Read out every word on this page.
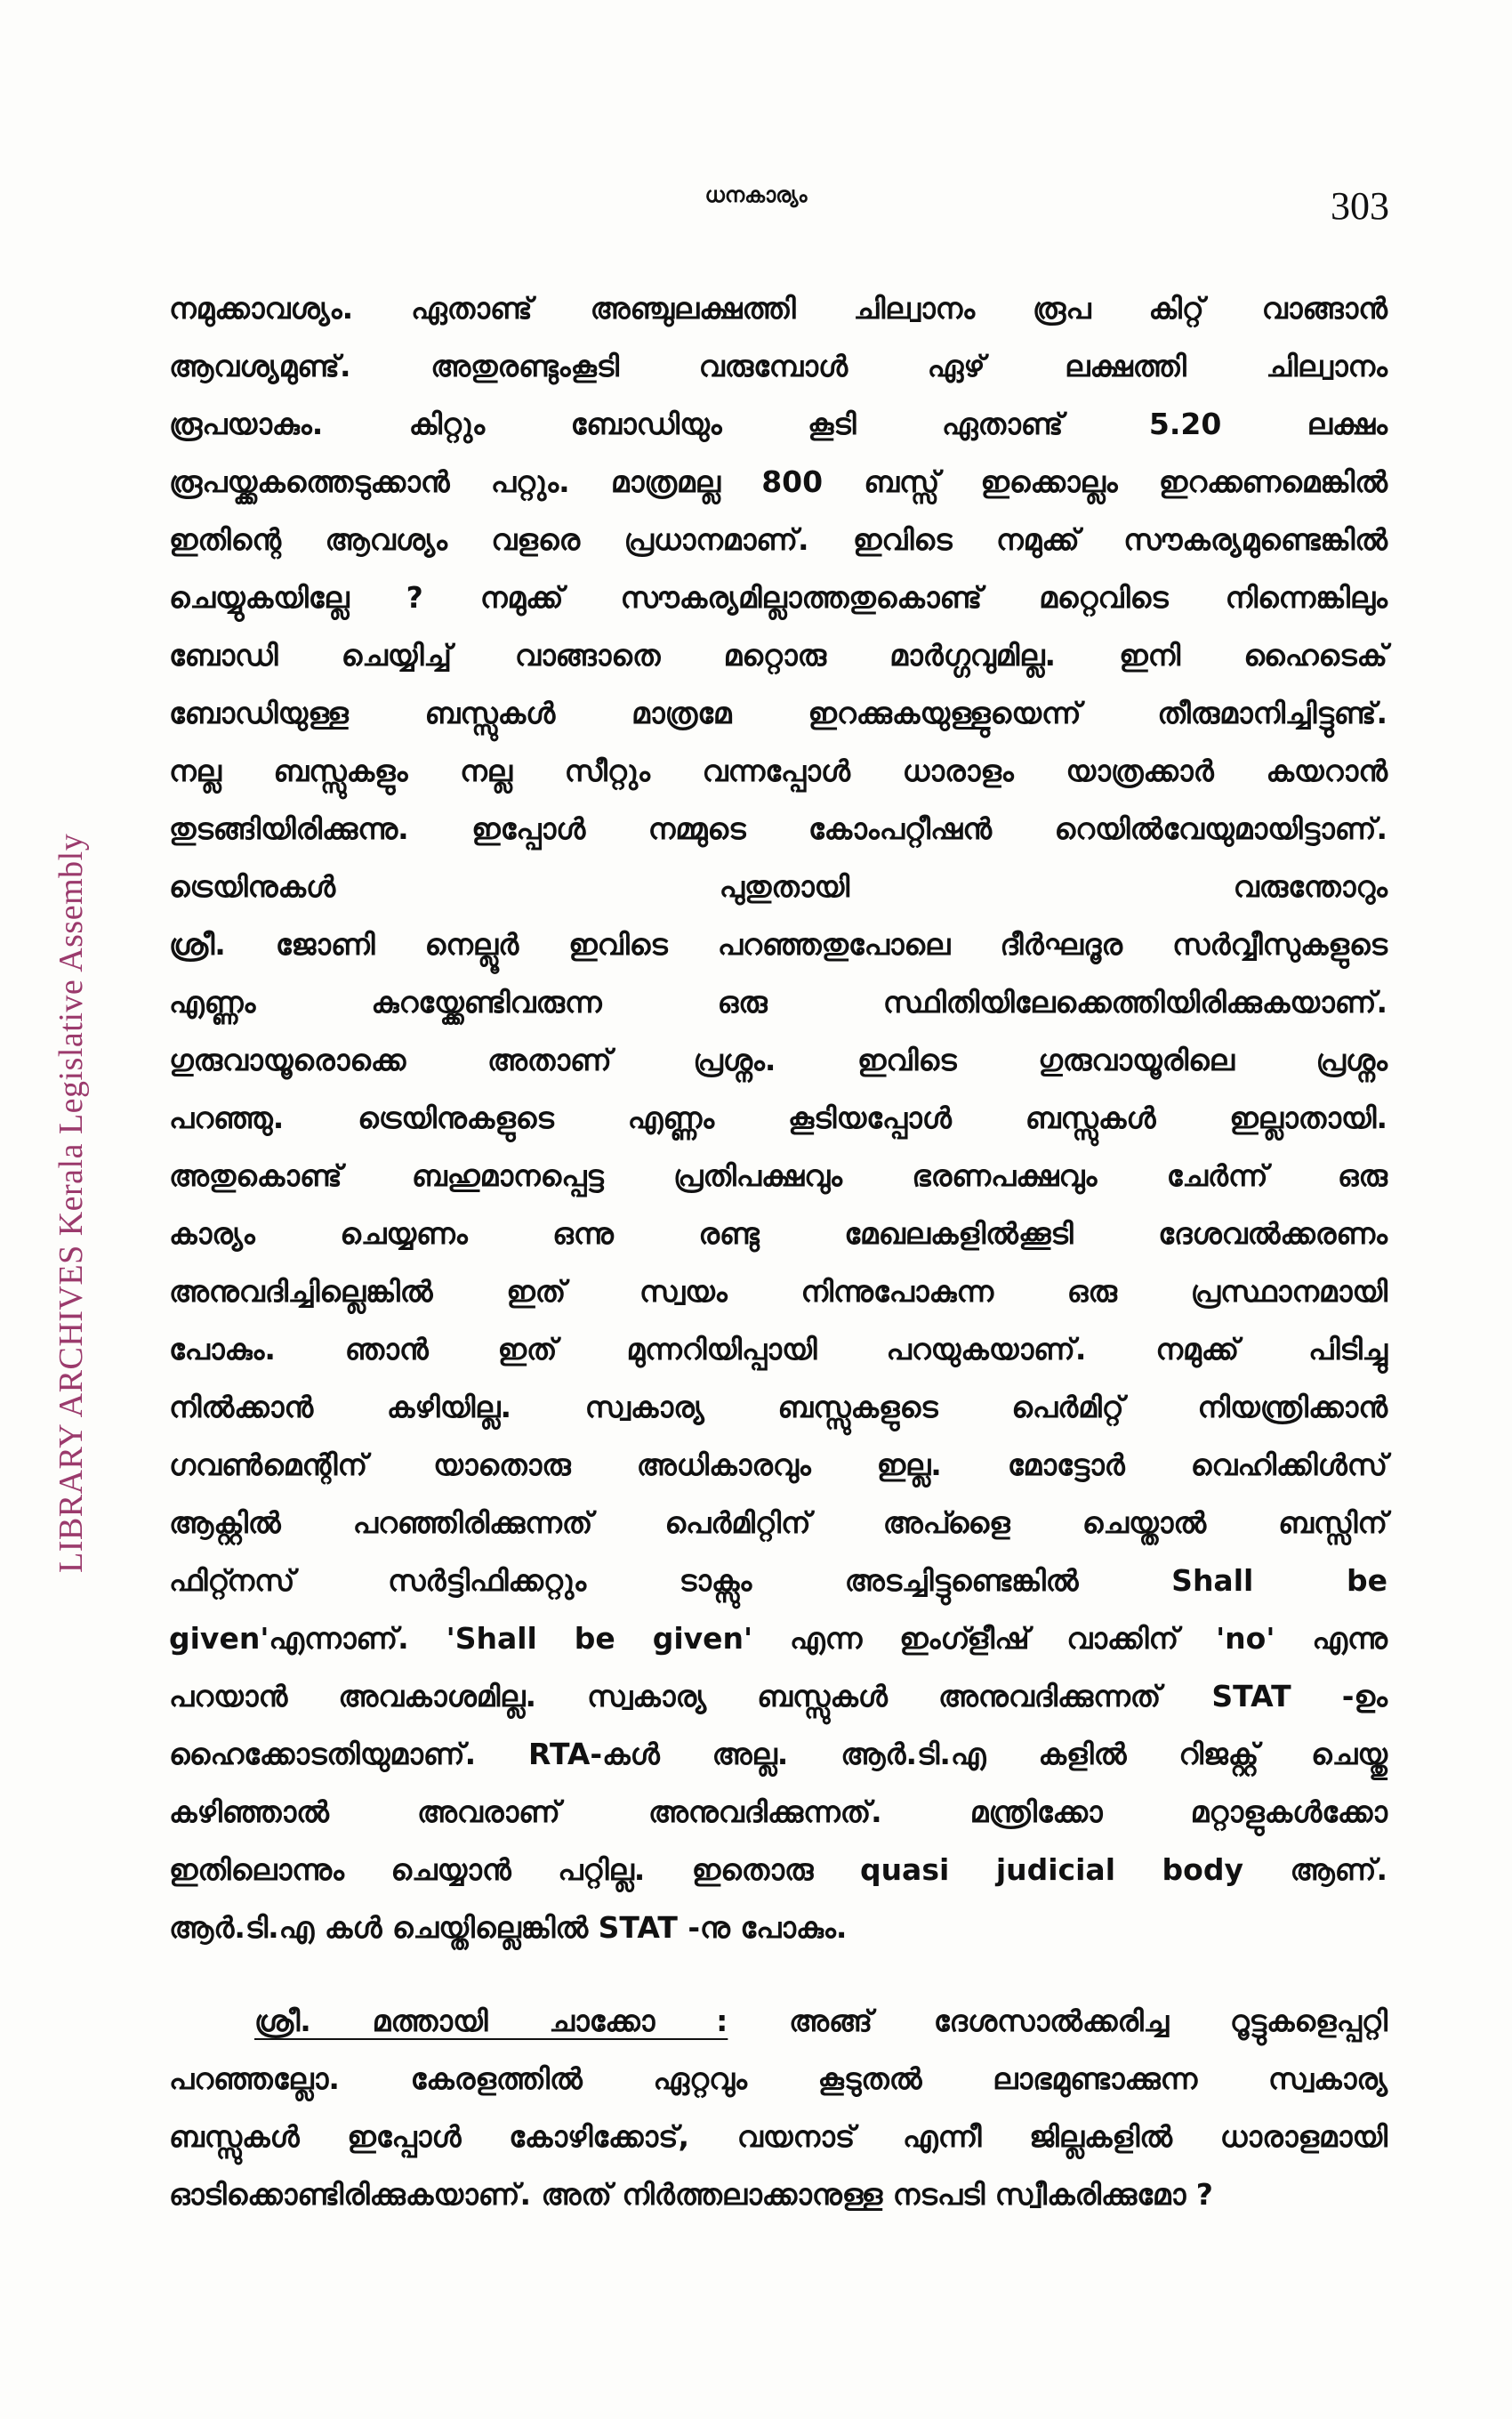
LIBRARY ARCHIVES Kerala Legislative Assembly
ധനകാര്യം	303
നമുക്കാവശ്യം. ഏതാണ്ട് അഞ്ചുലക്ഷത്തി ചില്വാനം രൂപ കിറ്റ് വാങ്ങാൻ
ആവശ്യമുണ്ട്. അതുരണ്ടുംകൂടി വരുമ്പോൾ ഏഴ് ലക്ഷത്തി ചില്വാനം
രൂപയാകും. കിറ്റും ബോഡിയും കൂടി ഏതാണ്ട് 5.20 ലക്ഷം
രൂപയ്ക്കകത്തെടുക്കാൻ പറ്റും. മാത്രമല്ല 800 ബസ്സ് ഇക്കൊല്ലം ഇറക്കണമെങ്കിൽ
ഇതിന്റെ ആവശ്യം വളരെ പ്രധാനമാണ്. ഇവിടെ നമുക്ക് സൗകര്യമുണ്ടെങ്കിൽ
ചെയ്യുകയില്ലേ ? നമുക്ക് സൗകര്യമില്ലാത്തതുകൊണ്ട് മറ്റെവിടെ നിന്നെങ്കിലും
ബോഡി ചെയ്യിച്ച് വാങ്ങാതെ മറ്റൊരു മാർഗ്ഗവുമില്ല. ഇനി ഹൈടെക്
ബോഡിയുള്ള ബസ്സുകൾ മാത്രമേ ഇറക്കുകയുള്ളുയെന്ന് തീരുമാനിച്ചിട്ടുണ്ട്.
നല്ല ബസ്സുകളും നല്ല സീറ്റും വന്നപ്പോൾ ധാരാളം യാത്രക്കാർ കയറാൻ
തുടങ്ങിയിരിക്കുന്നു. ഇപ്പോൾ നമ്മുടെ കോംപറ്റീഷൻ റെയിൽവേയുമായിട്ടാണ്.
ട്രെയിനുകൾ പുതുതായി വരുന്തോറും
ശ്രീ. ജോണി നെല്ലൂർ ഇവിടെ പറഞ്ഞതുപോലെ ദീർഘദൂര സർവ്വീസുകളുടെ
എണ്ണം കുറയ്ക്കേണ്ടിവരുന്ന ഒരു സ്ഥിതിയിലേക്കെത്തിയിരിക്കുകയാണ്.
ഗുരുവായൂരൊക്കെ അതാണ് പ്രശ്നം. ഇവിടെ ഗുരുവായൂരിലെ പ്രശ്നം
പറഞ്ഞു. ട്രെയിനുകളുടെ എണ്ണം കൂടിയപ്പോൾ ബസ്സുകൾ ഇല്ലാതായി.
അതുകൊണ്ട് ബഹുമാനപ്പെട്ട പ്രതിപക്ഷവും ഭരണപക്ഷവും ചേർന്ന് ഒരു
കാര്യം ചെയ്യണം ഒന്നു രണ്ടു മേഖലകളിൽക്കൂടി ദേശവൽക്കരണം
അനുവദിച്ചില്ലെങ്കിൽ ഇത് സ്വയം നിന്നുപോകുന്ന ഒരു പ്രസ്ഥാനമായി
പോകും. ഞാൻ ഇത് മുന്നറിയിപ്പായി പറയുകയാണ്. നമുക്ക് പിടിച്ചു
നിൽക്കാൻ കഴിയില്ല. സ്വകാര്യ ബസ്സുകളുടെ പെർമിറ്റ് നിയന്ത്രിക്കാൻ
ഗവൺമെന്റിന് യാതൊരു അധികാരവും ഇല്ല. മോട്ടോർ വെഹിക്കിൾസ്
ആക്റ്റിൽ പറഞ്ഞിരിക്കുന്നത് പെർമിറ്റിന് അപ്ളൈ ചെയ്താൽ ബസ്സിന്
ഫിറ്റ്നസ് സർട്ടിഫിക്കറ്റും ടാക്സും അടച്ചിട്ടുണ്ടെങ്കിൽ Shall be
given'എന്നാണ്. 'Shall be given' എന്ന ഇംഗ്ളീഷ് വാക്കിന് 'no' എന്നു
പറയാൻ അവകാശമില്ല. സ്വകാര്യ ബസ്സുകൾ അനുവദിക്കുന്നത് STAT -ഉം
ഹൈക്കോടതിയുമാണ്. RTA-കൾ അല്ല. ആർ.ടി.എ കളിൽ റിജക്റ്റ് ചെയ്തു
കഴിഞ്ഞാൽ അവരാണ് അനുവദിക്കുന്നത്. മന്ത്രിക്കോ മറ്റാളുകൾക്കോ
ഇതിലൊന്നും ചെയ്യാൻ പറ്റില്ല. ഇതൊരു quasi judicial body ആണ്.
ആർ.ടി.എ കൾ ചെയ്തില്ലെങ്കിൽ STAT -നു പോകും.
ശ്രീ. മത്തായി ചാക്കോ : അങ്ങ് ദേശസാൽക്കരിച്ച റൂട്ടുകളെപ്പറ്റി
പറഞ്ഞല്ലോ. കേരളത്തിൽ ഏറ്റവും കൂടുതൽ ലാഭമുണ്ടാക്കുന്ന സ്വകാര്യ
ബസ്സുകൾ ഇപ്പോൾ കോഴിക്കോട്, വയനാട് എന്നീ ജില്ലകളിൽ ധാരാളമായി
ഓടിക്കൊണ്ടിരിക്കുകയാണ്. അത് നിർത്തലാക്കാനുള്ള നടപടി സ്വീകരിക്കുമോ ?
